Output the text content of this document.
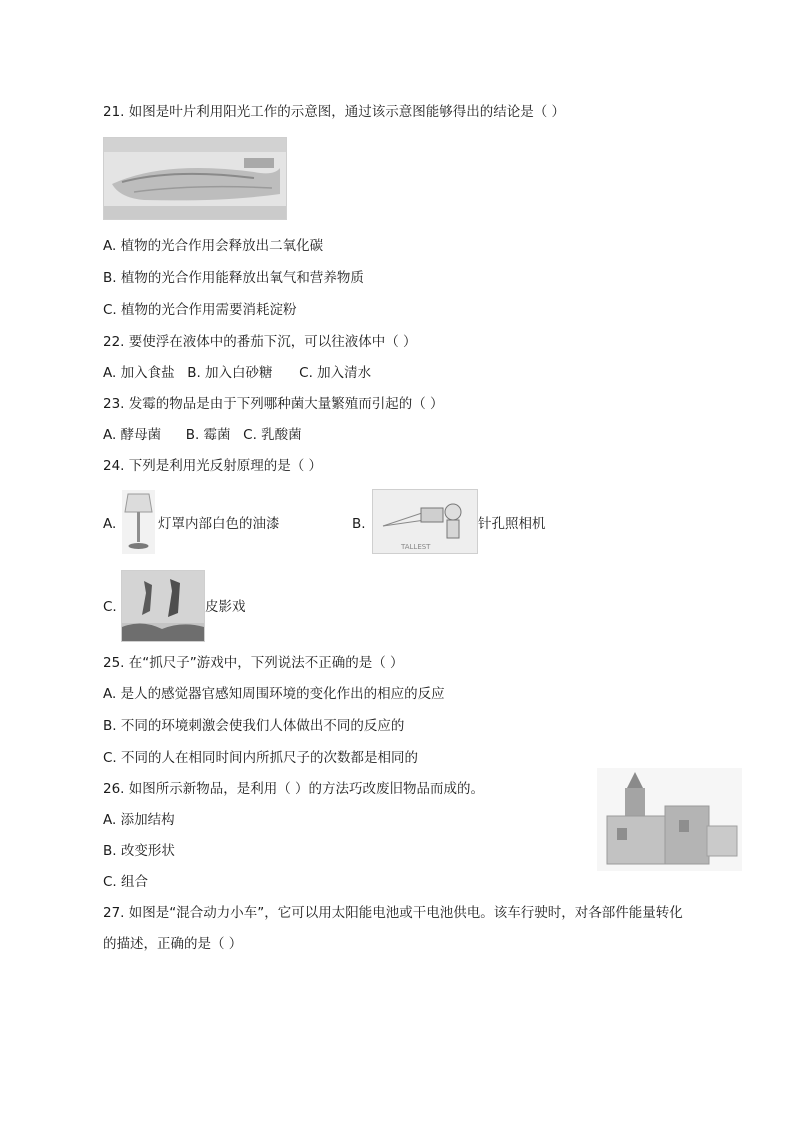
21. 如图是叶片利用阳光工作的示意图，通过该示意图能够得出的结论是（ ）
A. 植物的光合作用会释放出二氧化碳
B. 植物的光合作用能释放出氧气和营养物质
C. 植物的光合作用需要消耗淀粉
22. 要使浮在液体中的番茄下沉，可以往液体中（ ）
A. 加入食盐 B. 加入白砂糖 C. 加入清水
23. 发霉的物品是由于下列哪种菌大量繁殖而引起的（ ）
A. 酵母菌 B. 霉菌 C. 乳酸菌
24. 下列是利用光反射原理的是（ ）
A.	灯罩内部白色的油漆	B.
TALLEST
针孔照相机
C.	皮影戏
25. 在“抓尺子”游戏中，下列说法不正确的是（ ）
A. 是人的感觉器官感知周围环境的变化作出的相应的反应
B. 不同的环境刺激会使我们人体做出不同的反应的
C. 不同的人在相同时间内所抓尺子的次数都是相同的
26. 如图所示新物品，是利用（ ）的方法巧改废旧物品而成的。
A. 添加结构
B. 改变形状
C. 组合
27. 如图是“混合动力小车”，它可以用太阳能电池或干电池供电。该车行驶时，对各部件能量转化
的描述，正确的是（ ）
